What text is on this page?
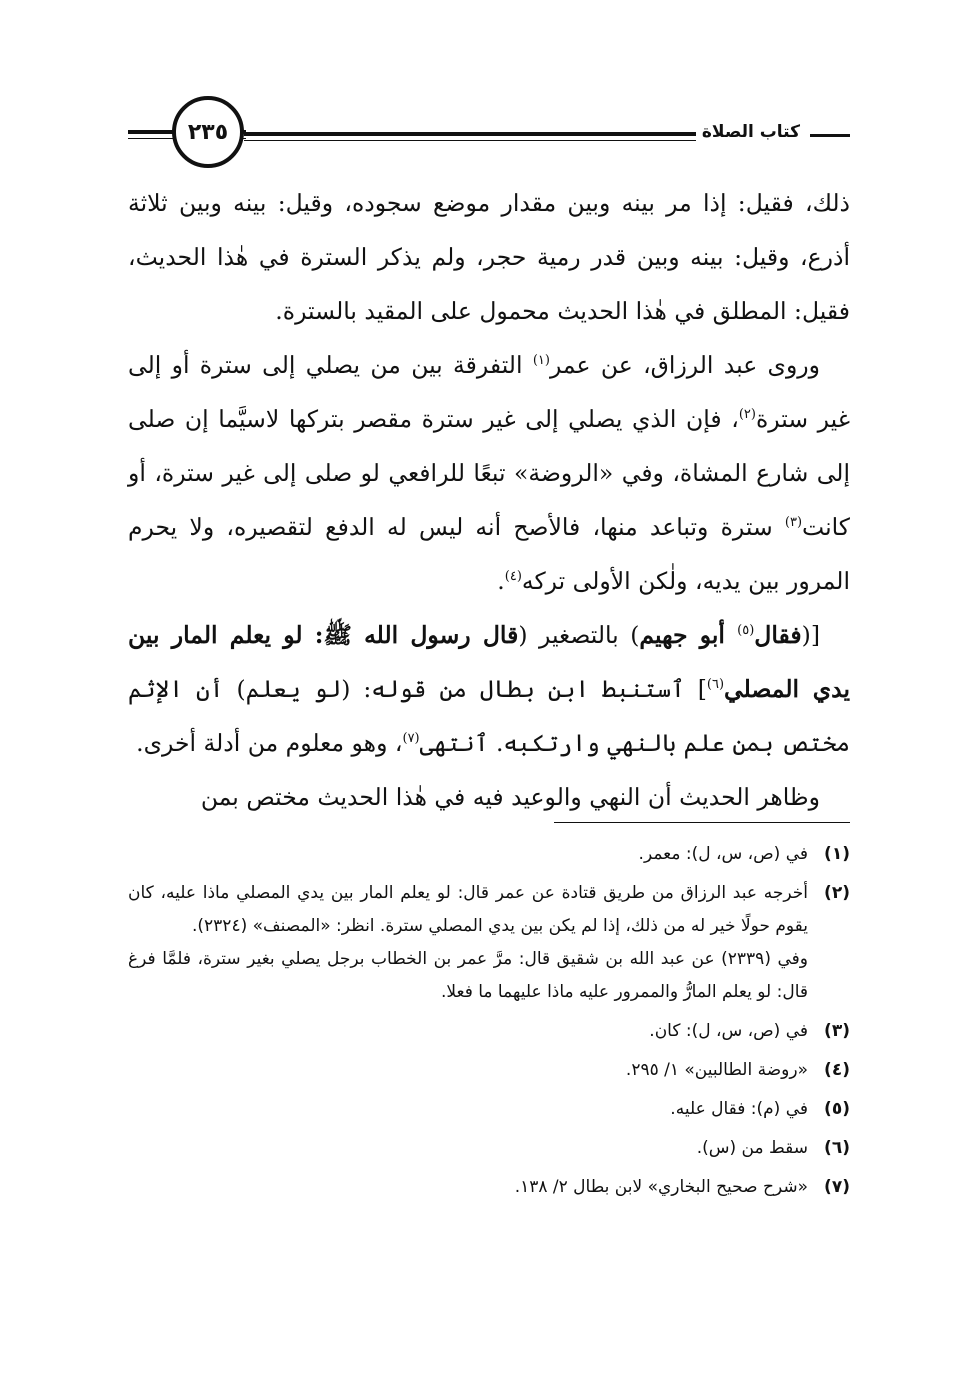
٢٣٥	كتاب الصلاة

ذلك، فقيل: إذا مر بينه وبين مقدار موضع سجوده، وقيل: بينه وبين ثلاثة أذرع، وقيل: بينه وبين قدر رمية حجر، ولم يذكر السترة في هٰذا الحديث، فقيل: المطلق في هٰذا الحديث محمول على المقيد بالسترة.

وروى عبد الرزاق، عن عمر$^{(١)}$ التفرقة بين من يصلي إلى سترة أو إلى غير سترة$^{(٢)}$، فإن الذي يصلي إلى غير سترة مقصر بتركها لاسيَّما إن صلى إلى شارع المشاة، وفي «الروضة» تبعًا للرافعي لو صلى إلى غير سترة، أو كانت$^{(٣)}$ سترة وتباعد منها، فالأصح أنه ليس له الدفع لتقصيره، ولا يحرم المرور بين يديه، ولٰكن الأولى تركه$^{(٤)}$.

[(فقال$^{(٥)}$ أبو جهيم) بالتصغير (قال رسول الله ﷺ: لو يعلم المار بين يدي المصلي$^{(٦)}$] ٱستنبط ابن بطال من قوله: (لو يعلم) أن الإثم مختص بمن علم بالنهي وارتكبه. ٱنتهى$^{(٧)}$، وهو معلوم من أدلة أخرى.

وظاهر الحديث أن النهي والوعيد فيه في هٰذا الحديث مختص بمن

(١)
في (ص، س، ل): معمر.
(٢)

أخرجه عبد الرزاق من طريق قتادة عن عمر قال: لو يعلم المار بين يدي المصلي ماذا عليه، كان يقوم حولًا خير له من ذلك، إذا لم يكن بين يدي المصلي سترة. انظر: «المصنف» (٢٣٢٤).

وفي (٢٣٣٩) عن عبد الله بن شقيق قال: مرَّ عمر بن الخطاب برجل يصلي بغير سترة، فلمَّا فرغ قال: لو يعلم المارُّ والممرور عليه ماذا عليهما ما فعلا.

(٣)
في (ص، س، ل): كان.
(٤)
«روضة الطالبين» ١/ ٢٩٥.
(٥)
في (م): فقال عليه.
(٦)
سقط من (س).
(٧)
«شرح صحيح البخاري» لابن بطال ٢/ ١٣٨.
